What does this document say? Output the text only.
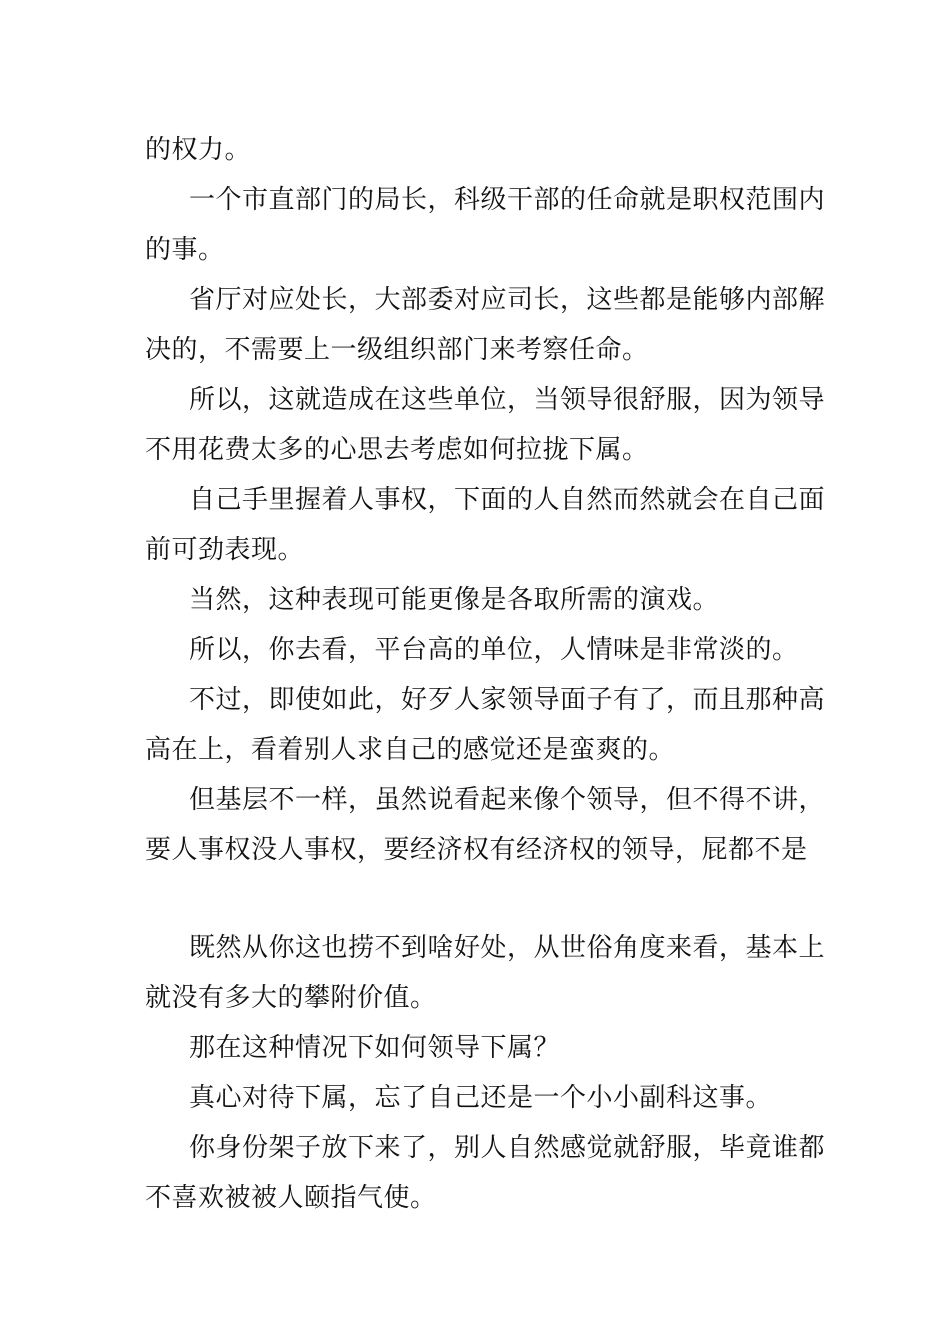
的权力。
一个市直部门的局长，科级干部的任命就是职权范围内
的事。
省厅对应处长，大部委对应司长，这些都是能够内部解
决的，不需要上一级组织部门来考察任命。
所以，这就造成在这些单位，当领导很舒服，因为领导
不用花费太多的心思去考虑如何拉拢下属。
自己手里握着人事权，下面的人自然而然就会在自己面
前可劲表现。
当然，这种表现可能更像是各取所需的演戏。
所以，你去看，平台高的单位，人情味是非常淡的。
不过，即使如此，好歹人家领导面子有了，而且那种高
高在上，看着别人求自己的感觉还是蛮爽的。
但基层不一样，虽然说看起来像个领导，但不得不讲，
要人事权没人事权，要经济权有经济权的领导，屁都不是
既然从你这也捞不到啥好处，从世俗角度来看，基本上
就没有多大的攀附价值。
那在这种情况下如何领导下属？
真心对待下属，忘了自己还是一个小小副科这事。
你身份架子放下来了，别人自然感觉就舒服，毕竟谁都
不喜欢被被人颐指气使。
